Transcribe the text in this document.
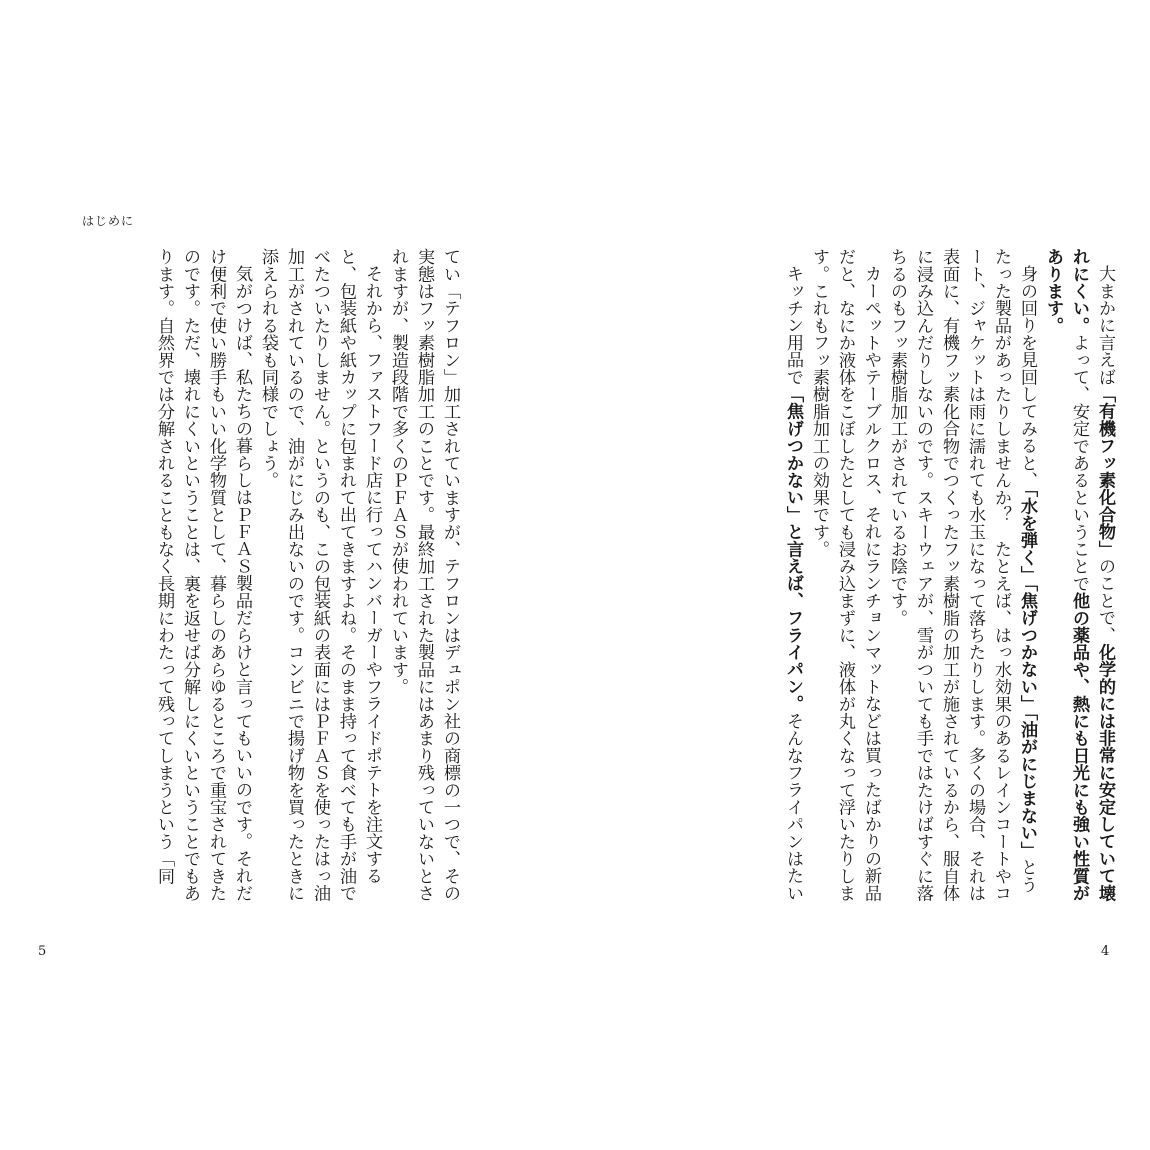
はじめに

てい「テフロン」加工されていますが、テフロンはデュポン社の商標の一つで、その実態はフッ素樹脂加工のことです。最終加工された製品にはあまり残っていないとされますが、製造段階で多くのＰＦＡＳが使われています。

それから、ファストフード店に行ってハンバーガーやフライドポテトを注文すると、包装紙や紙カップに包まれて出てきますよね。そのまま持って食べても手が油でべたついたりしません。というのも、この包装紙の表面にはＰＦＡＳを使ったはっ油加工がされているので、油がにじみ出ないのです。コンビニで揚げ物を買ったときに添えられる袋も同様でしょう。

気がつけば、私たちの暮らしはＰＦＡＳ製品だらけと言ってもいいのです。それだけ便利で使い勝手もいい化学物質として、暮らしのあらゆるところで重宝されてきたのです。ただ、壊れにくいということは、裏を返せば分解しにくいということでもあります。自然界では分解されることもなく長期にわたって残ってしまうという「同

5

大まかに言えば「有機フッ素化合物」のことで、化学的には非常に安定していて壊れにくい。よって、安定であるということで他の薬品や、熱にも日光にも強い性質があります。

身の回りを見回してみると、「水を弾く」「焦げつかない」「油がにじまない」とうたった製品があったりしませんか？　たとえば、はっ水効果のあるレインコートやコート、ジャケットは雨に濡れても水玉になって落ちたりします。多くの場合、それは表面に、有機フッ素化合物でつくったフッ素樹脂の加工が施されているから、服自体に浸み込んだりしないのです。スキーウェアが、雪がついても手ではたけばすぐに落ちるのもフッ素樹脂加工がされているお陰です。

カーペットやテーブルクロス、それにランチョンマットなどは買ったばかりの新品だと、なにか液体をこぼしたとしても浸み込まずに、液体が丸くなって浮いたりします。これもフッ素樹脂加工の効果です。

キッチン用品で「焦げつかない」と言えば、フライパン。そんなフライパンはたい

4
